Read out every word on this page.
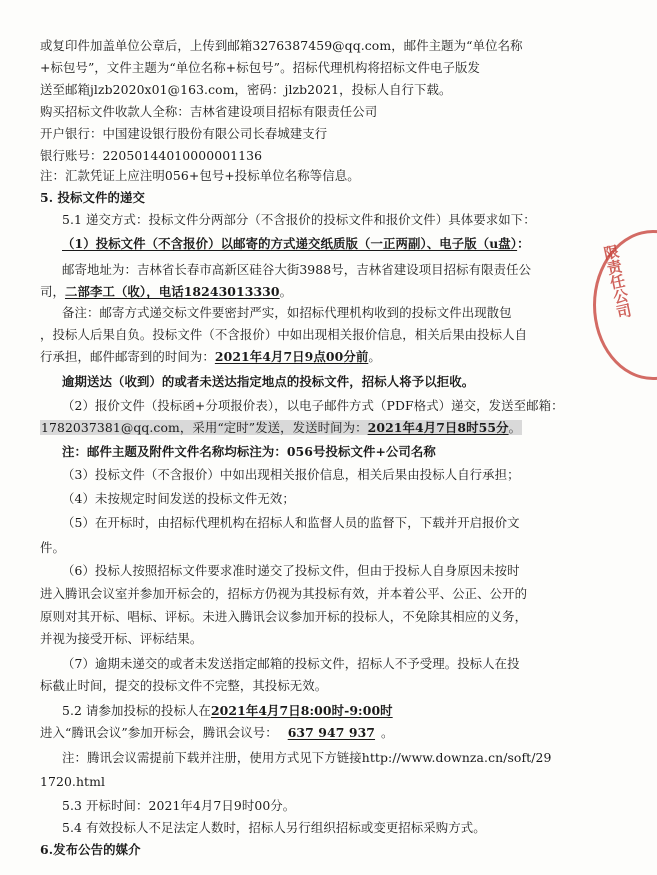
或复印件加盖单位公章后，上传到邮箱3276387459@qq.com，邮件主题为“单位名称
+标包号”，文件主题为“单位名称+标包号”。招标代理机构将招标文件电子版发
送至邮箱jlzb2020x01@163.com，密码：jlzb2021，投标人自行下载。
购买招标文件收款人全称：吉林省建设项目招标有限责任公司
开户银行：中国建设银行股份有限公司长春城建支行
银行账号：22050144010000001136
注：汇款凭证上应注明056+包号+投标单位名称等信息。
5. 投标文件的递交
5.1 递交方式：投标文件分两部分（不含报价的投标文件和报价文件）具体要求如下：
（1）投标文件（不含报价）以邮寄的方式递交纸质版（一正两副）、电子版（u盘）：
邮寄地址为：吉林省长春市高新区硅谷大街3988号，吉林省建设项目招标有限责任公
司，二部李工（收），电话18243013330。
备注：邮寄方式递交标文件要密封严实，如招标代理机构收到的投标文件出现散包
，投标人后果自负。投标文件（不含报价）中如出现相关报价信息，相关后果由投标人自
行承担，邮件邮寄到的时间为：2021年4月7日9点00分前。
逾期送达（收到）的或者未送达指定地点的投标文件，招标人将予以拒收。
（2）报价文件（投标函+分项报价表），以电子邮件方式（PDF格式）递交，发送至邮箱：
1782037381@qq.com，采用“定时”发送，发送时间为：2021年4月7日8时55分。
注：邮件主题及附件文件名称均标注为：056号投标文件+公司名称
（3）投标文件（不含报价）中如出现相关报价信息，相关后果由投标人自行承担；
（4）未按规定时间发送的投标文件无效；
（5）在开标时，由招标代理机构在招标人和监督人员的监督下，下载并开启报价文
件。
（6）投标人按照招标文件要求准时递交了投标文件，但由于投标人自身原因未按时
进入腾讯会议室并参加开标会的，招标方仍视为其投标有效，并本着公平、公正、公开的
原则对其开标、唱标、评标。未进入腾讯会议参加开标的投标人，不免除其相应的义务，
并视为接受开标、评标结果。
（7）逾期未递交的或者未发送指定邮箱的投标文件，招标人不予受理。投标人在投
标截止时间，提交的投标文件不完整，其投标无效。
5.2 请参加投标的投标人在2021年4月7日8:00时-9:00时
进入“腾讯会议”参加开标会，腾讯会议号： 637 947 937 。
注：腾讯会议需提前下载并注册，使用方式见下方链接http://www.downza.cn/soft/29
1720.html
5.3 开标时间：2021年4月7日9时00分。
5.4 有效投标人不足法定人数时，招标人另行组织招标或变更招标采购方式。
6.发布公告的媒介
限责任公司
